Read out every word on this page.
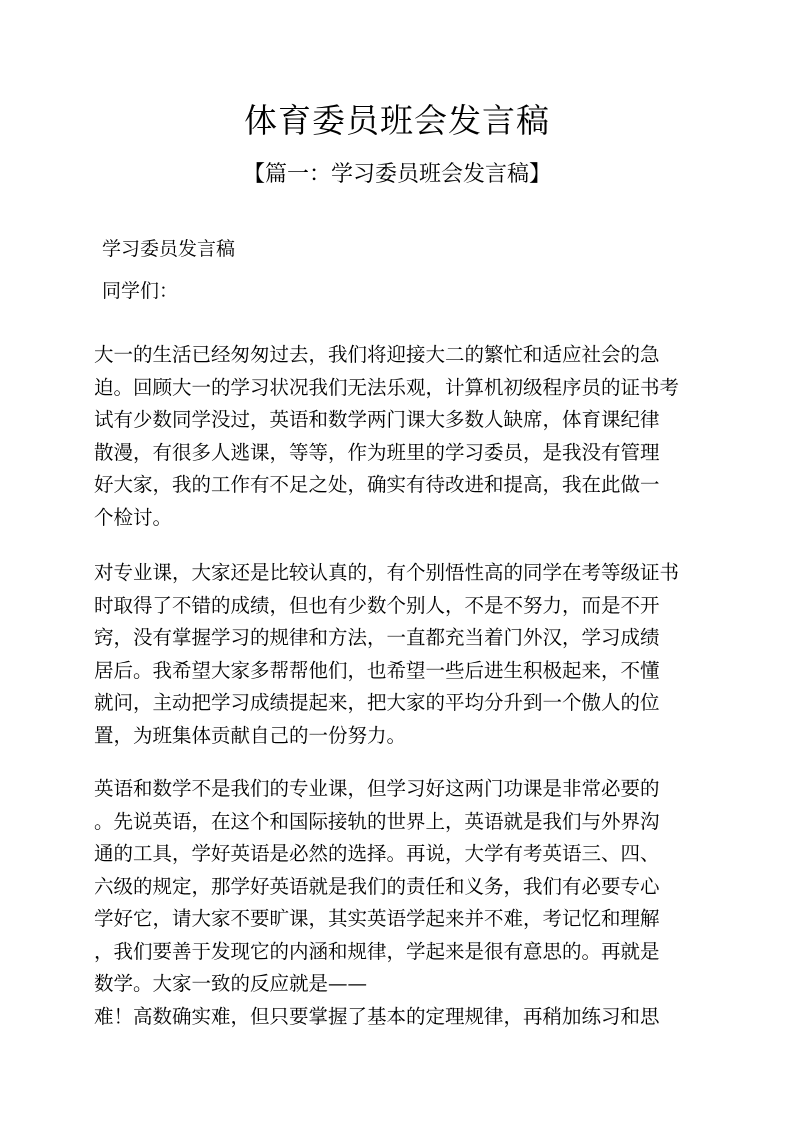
体育委员班会发言稿
【篇一：学习委员班会发言稿】
学习委员发言稿
同学们：
大一的生活已经匆匆过去，我们将迎接大二的繁忙和适应社会的急
迫。回顾大一的学习状况我们无法乐观，计算机初级程序员的证书考
试有少数同学没过，英语和数学两门课大多数人缺席，体育课纪律
散漫，有很多人逃课，等等，作为班里的学习委员，是我没有管理
好大家，我的工作有不足之处，确实有待改进和提高，我在此做一
个检讨。
对专业课，大家还是比较认真的，有个别悟性高的同学在考等级证书
时取得了不错的成绩，但也有少数个别人，不是不努力，而是不开
窍，没有掌握学习的规律和方法，一直都充当着门外汉，学习成绩
居后。我希望大家多帮帮他们，也希望一些后进生积极起来，不懂
就问，主动把学习成绩提起来，把大家的平均分升到一个傲人的位
置，为班集体贡献自己的一份努力。
英语和数学不是我们的专业课，但学习好这两门功课是非常必要的
。先说英语，在这个和国际接轨的世界上，英语就是我们与外界沟
通的工具，学好英语是必然的选择。再说，大学有考英语三、四、
六级的规定，那学好英语就是我们的责任和义务，我们有必要专心
学好它，请大家不要旷课，其实英语学起来并不难，考记忆和理解
，我们要善于发现它的内涵和规律，学起来是很有意思的。再就是
数学。大家一致的反应就是——
难！高数确实难，但只要掌握了基本的定理规律，再稍加练习和思
